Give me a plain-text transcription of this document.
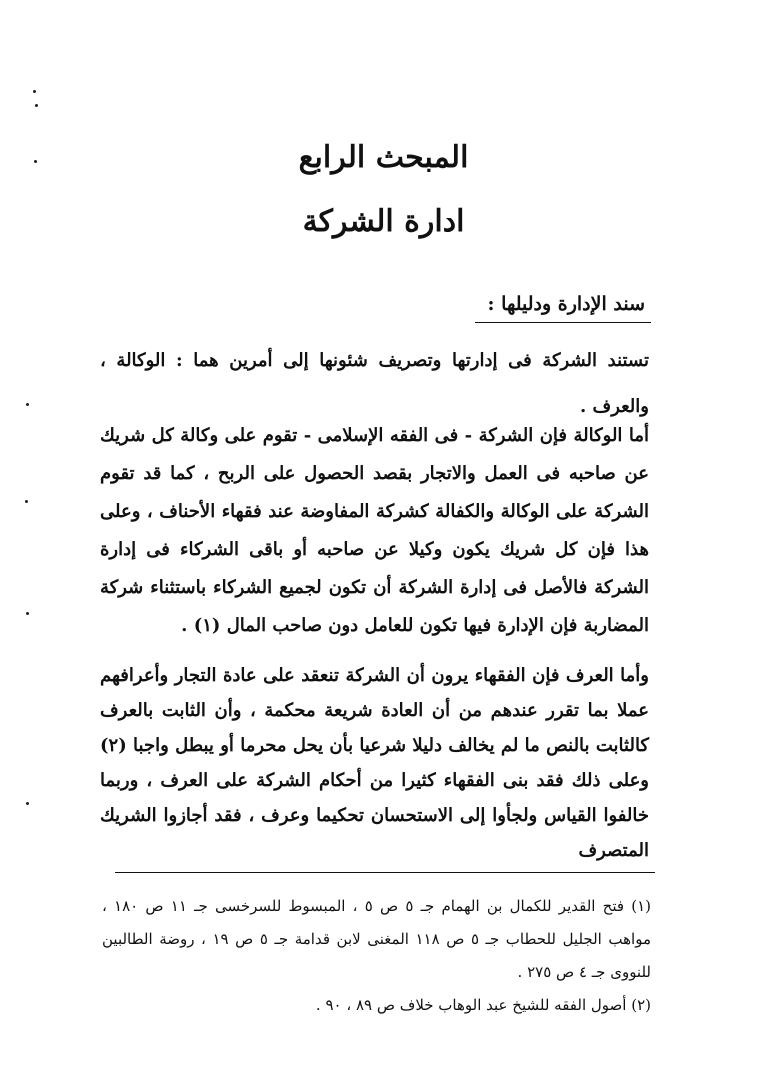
المبحث الرابع
ادارة الشركة
سند الإدارة ودليلها :
تستند الشركة فى إدارتها وتصريف شئونها إلى أمرين هما : الوكالة ، والعرف .
أما الوكالة فإن الشركة - فى الفقه الإسلامى - تقوم على وكالة كل شريك عن صاحبه فى العمل والاتجار بقصد الحصول على الربح ، كما قد تقوم الشركة على الوكالة والكفالة كشركة المفاوضة عند فقهاء الأحناف ، وعلى هذا فإن كل شريك يكون وكيلا عن صاحبه أو باقى الشركاء فى إدارة الشركة فالأصل فى إدارة الشركة أن تكون لجميع الشركاء باستثناء شركة المضاربة فإن الإدارة فيها تكون للعامل دون صاحب المال (١) .
وأما العرف فإن الفقهاء يرون أن الشركة تنعقد على عادة التجار وأعرافهم عملا بما تقرر عندهم من أن العادة شريعة محكمة ، وأن الثابت بالعرف كالثابت بالنص ما لم يخالف دليلا شرعيا بأن يحل محرما أو يبطل واجبا (٢) وعلى ذلك فقد بنى الفقهاء كثيرا من أحكام الشركة على العرف ، وربما خالفوا القياس ولجأوا إلى الاستحسان تحكيما وعرف ، فقد أجازوا الشريك المتصرف

(١) فتح القدير للكمال بن الهمام جـ ٥ ص ٥ ، المبسوط للسرخسى جـ ١١ ص ١٨٠ ، مواهب الجليل للحطاب جـ ٥ ص ١١٨ المغنى لابن قدامة جـ ٥ ص ١٩ ، روضة الطالبين للنووى جـ ٤ ص ٢٧٥ .

(٢) أصول الفقه للشيخ عبد الوهاب خلاف ص ٨٩ ، ٩٠ .
